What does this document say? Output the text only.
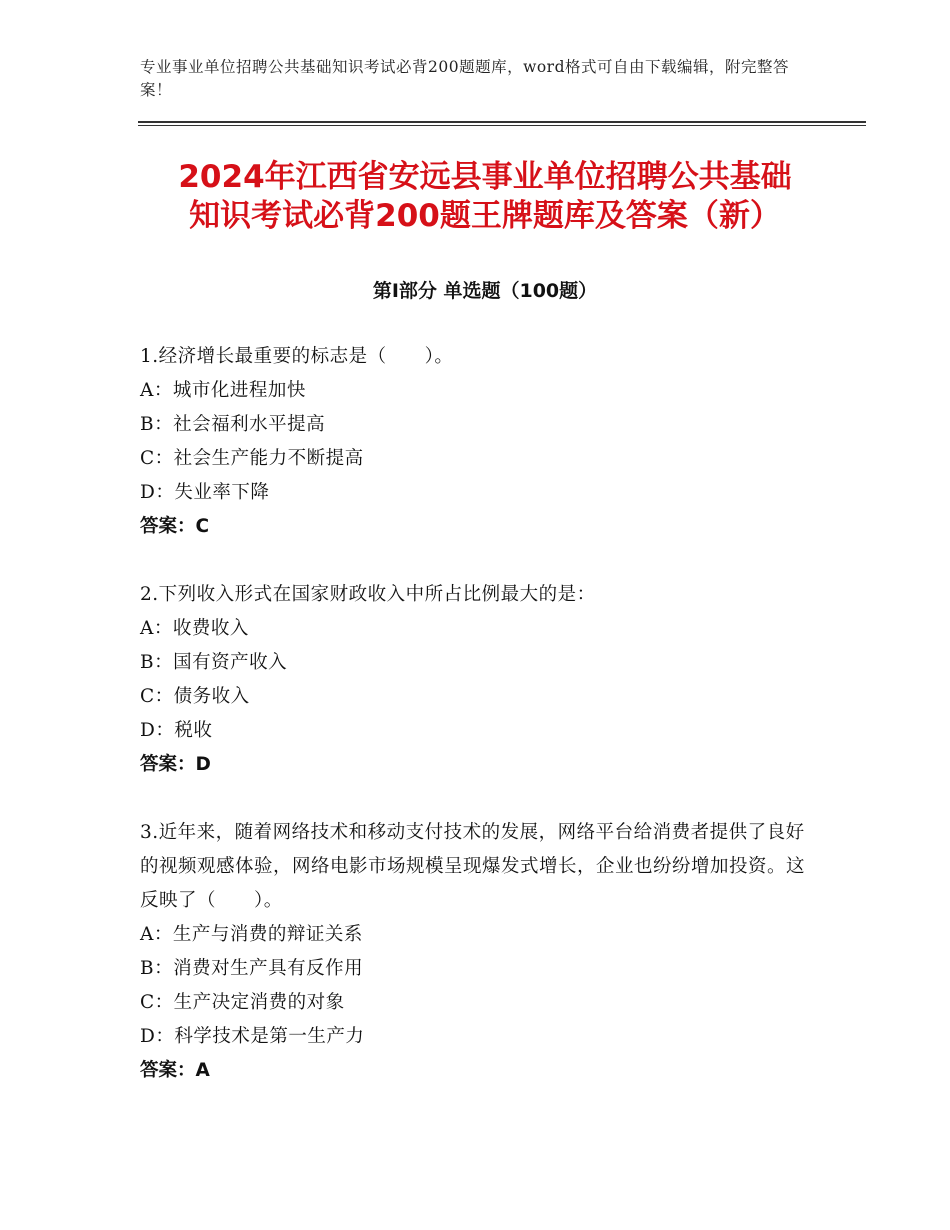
专业事业单位招聘公共基础知识考试必背200题题库，word格式可自由下载编辑，附完整答案！
2024年江西省安远县事业单位招聘公共基础
知识考试必背200题王牌题库及答案（新）
第Ⅰ部分 单选题（100题）
1.经济增长最重要的标志是（　　）。
A：城市化进程加快
B：社会福利水平提高
C：社会生产能力不断提高
D：失业率下降
答案：C
2.下列收入形式在国家财政收入中所占比例最大的是：
A：收费收入
B：国有资产收入
C：债务收入
D：税收
答案：D
3.近年来，随着网络技术和移动支付技术的发展，网络平台给消费者提供了良好的视频观感体验，网络电影市场规模呈现爆发式增长，企业也纷纷增加投资。这反映了（　　）。
A：生产与消费的辩证关系
B：消费对生产具有反作用
C：生产决定消费的对象
D：科学技术是第一生产力
答案：A
